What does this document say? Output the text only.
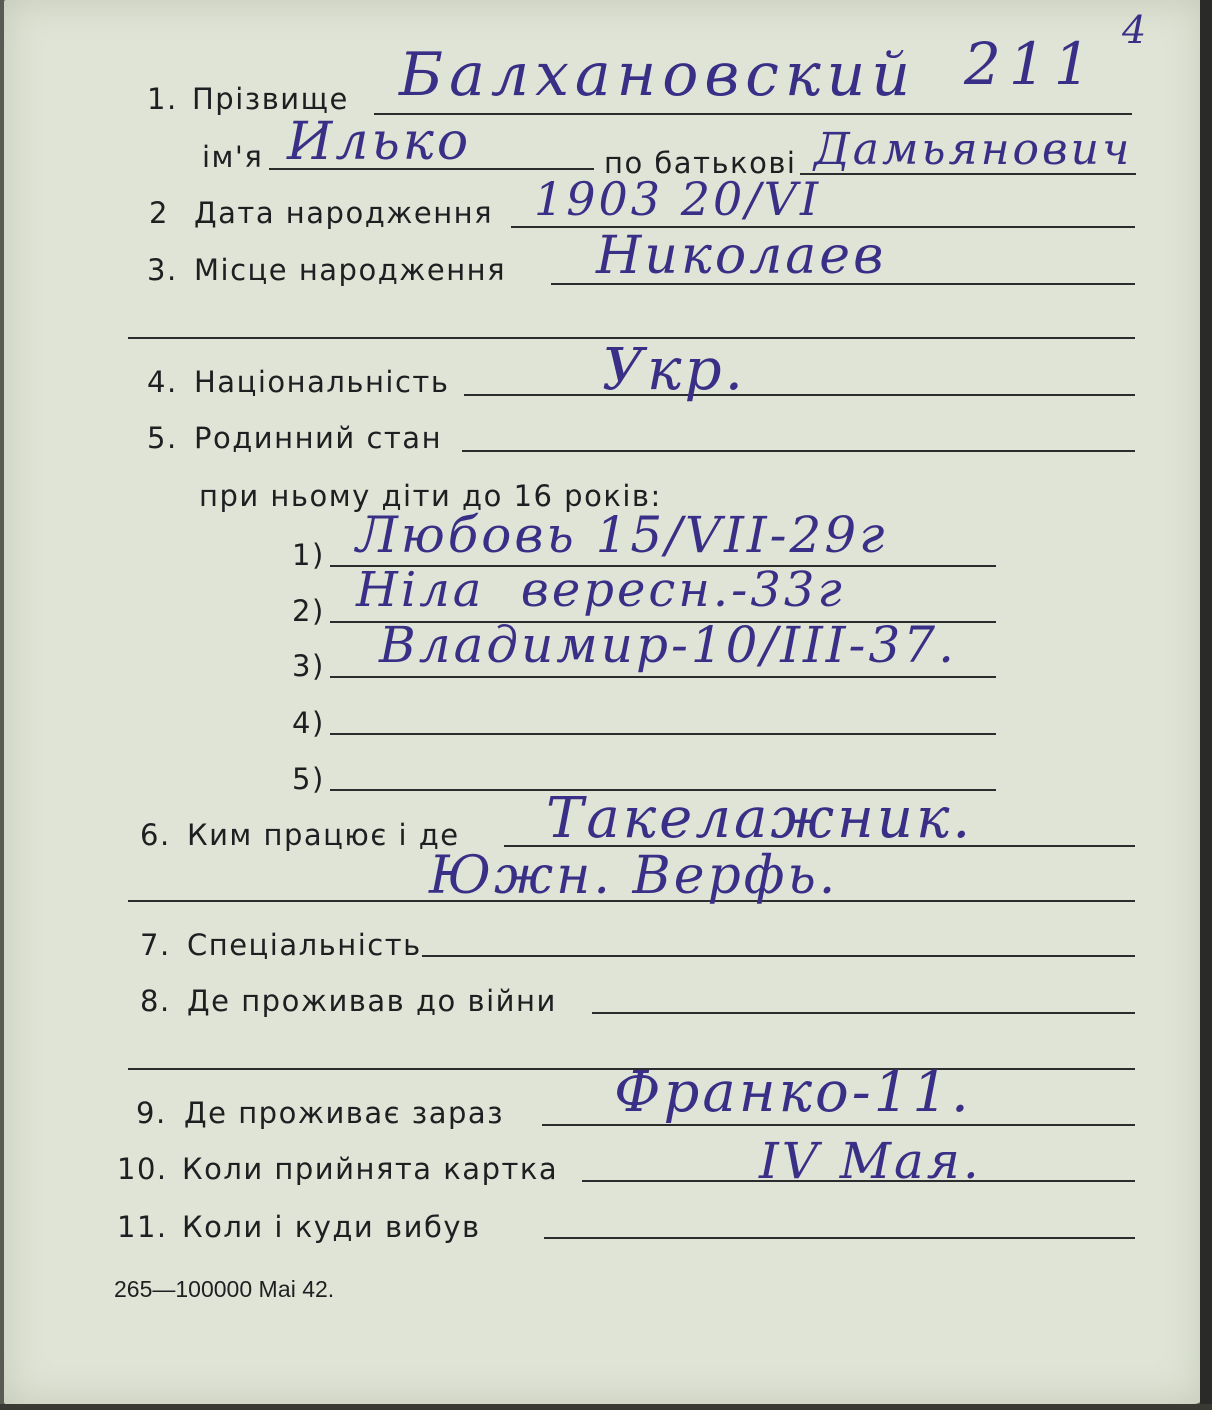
211 4
1. Прізвище Балхановский
ім'я Илько	по батькові Дамьянович
2 Дата народження 1903 20/VI
3. Місце народження Николаев
4. Національність	Укр.
5. Родинний стан
при ньому діти до 16 років:
1) Любовь 15/VII-29г
2) Ніла  вересн.-33г
3) Владимир-10/III-37.
4)
5)
6. Ким працює і де Такелажник.
Южн. Верфь.
7. Спеціальність
8. Де проживав до війни
9. Де проживає зараз Франко-11.
10. Коли прийнята картка	IV Мая.
11. Коли і куди вибув
265—100000 Маі 42.
